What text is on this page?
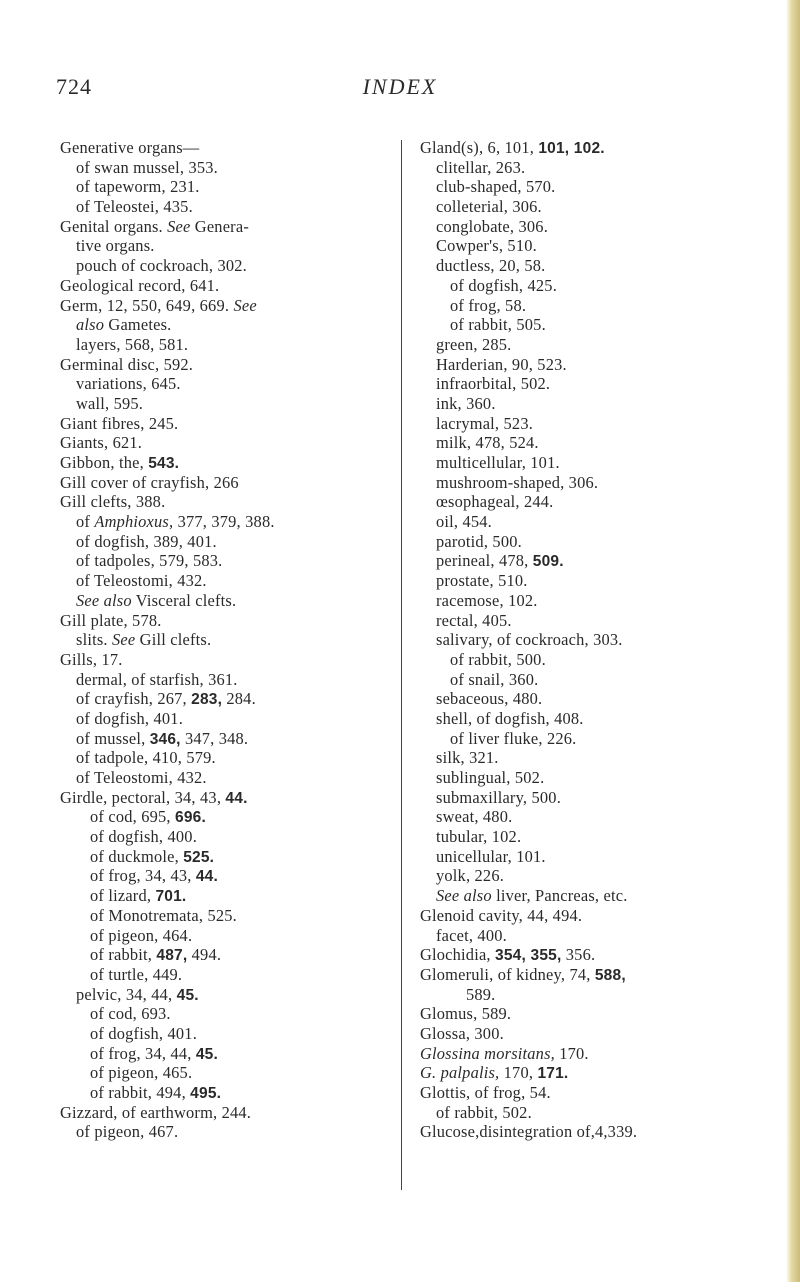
724	INDEX
Generative organs—
of swan mussel, 353.
of tapeworm, 231.
of Teleostei, 435.
Genital organs. See Genera-
tive organs.
pouch of cockroach, 302.
Geological record, 641.
Germ, 12, 550, 649, 669. See
also Gametes.
layers, 568, 581.
Germinal disc, 592.
variations, 645.
wall, 595.
Giant fibres, 245.
Giants, 621.
Gibbon, the, 543.
Gill cover of crayfish, 266
Gill clefts, 388.
of Amphioxus, 377, 379, 388.
of dogfish, 389, 401.
of tadpoles, 579, 583.
of Teleostomi, 432.
See also Visceral clefts.
Gill plate, 578.
slits. See Gill clefts.
Gills, 17.
dermal, of starfish, 361.
of crayfish, 267, 283, 284.
of dogfish, 401.
of mussel, 346, 347, 348.
of tadpole, 410, 579.
of Teleostomi, 432.
Girdle, pectoral, 34, 43, 44.
of cod, 695, 696.
of dogfish, 400.
of duckmole, 525.
of frog, 34, 43, 44.
of lizard, 701.
of Monotremata, 525.
of pigeon, 464.
of rabbit, 487, 494.
of turtle, 449.
pelvic, 34, 44, 45.
of cod, 693.
of dogfish, 401.
of frog, 34, 44, 45.
of pigeon, 465.
of rabbit, 494, 495.
Gizzard, of earthworm, 244.
of pigeon, 467.
Gland(s), 6, 101, 101, 102.
clitellar, 263.
club-shaped, 570.
colleterial, 306.
conglobate, 306.
Cowper's, 510.
ductless, 20, 58.
of dogfish, 425.
of frog, 58.
of rabbit, 505.
green, 285.
Harderian, 90, 523.
infraorbital, 502.
ink, 360.
lacrymal, 523.
milk, 478, 524.
multicellular, 101.
mushroom-shaped, 306.
œsophageal, 244.
oil, 454.
parotid, 500.
perineal, 478, 509.
prostate, 510.
racemose, 102.
rectal, 405.
salivary, of cockroach, 303.
of rabbit, 500.
of snail, 360.
sebaceous, 480.
shell, of dogfish, 408.
of liver fluke, 226.
silk, 321.
sublingual, 502.
submaxillary, 500.
sweat, 480.
tubular, 102.
unicellular, 101.
yolk, 226.
See also liver, Pancreas, etc.
Glenoid cavity, 44, 494.
facet, 400.
Glochidia, 354, 355, 356.
Glomeruli, of kidney, 74, 588,
589.
Glomus, 589.
Glossa, 300.
Glossina morsitans, 170.
G. palpalis, 170, 171.
Glottis, of frog, 54.
of rabbit, 502.
Glucose,disintegration of,4,339.
